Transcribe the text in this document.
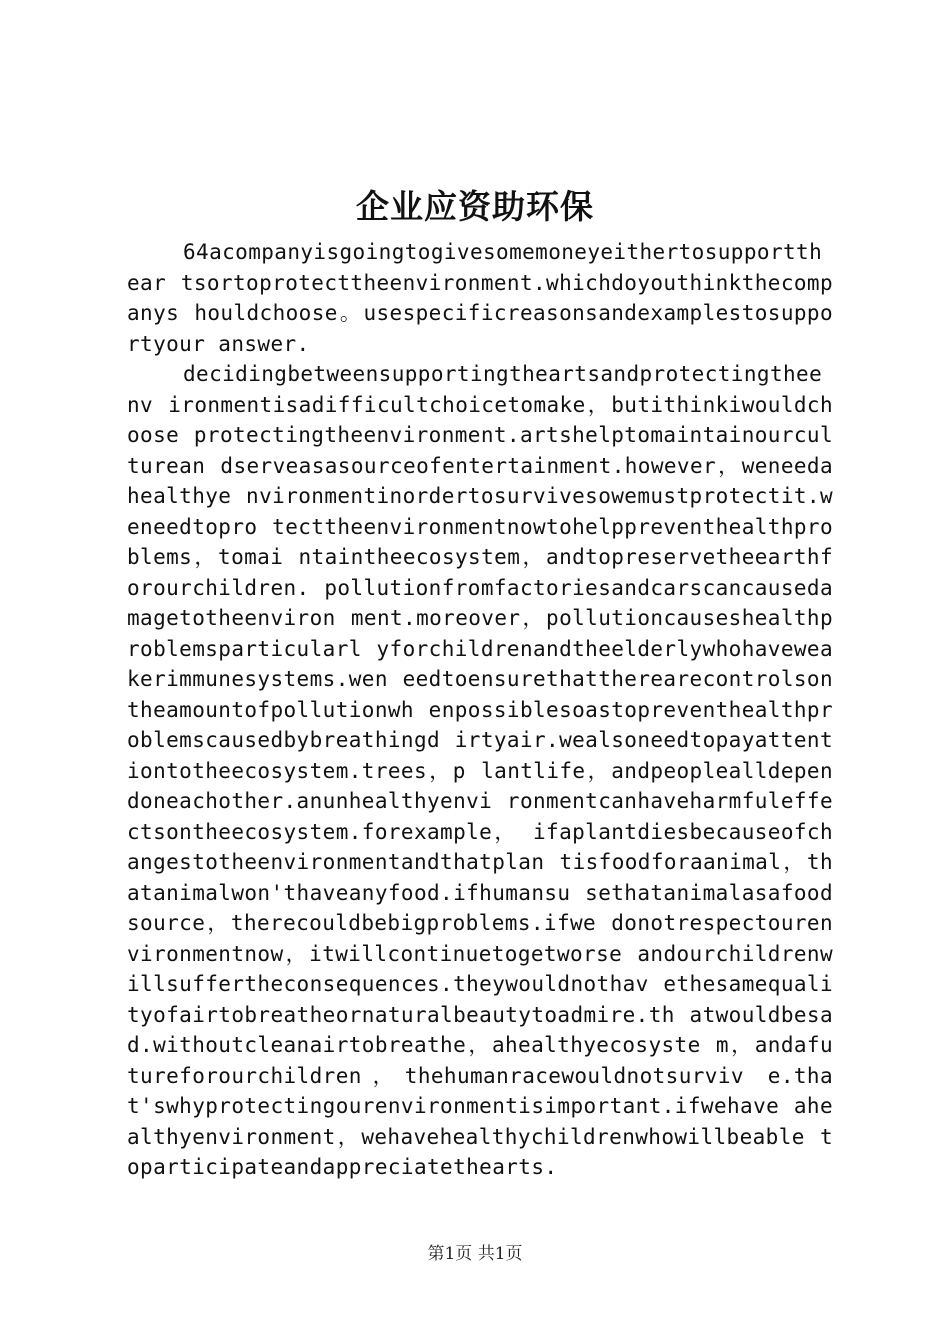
企业应资助环保

64acompanyisgoingtogivesomemoneyeithertosupportthear tsortoprotecttheenvironment.whichdoyouthinkthecompanys houldchoose。usespecificreasonsandexamplestosupportyour answer.

decidingbetweensupportingtheartsandprotectingtheenv ironmentisadifficultchoicetomake，butithinkiwouldchoose protectingtheenvironment.artshelptomaintainourculturean dserveasasourceofentertainment.however，weneedahealthye nvironmentinordertosurvivesowemustprotectit.weneedtopro tecttheenvironmentnowtohelppreventhealthproblems，tomai ntaintheecosystem，andtopreservetheearthforourchildren. pollutionfromfactoriesandcarscancausedamagetotheenviron ment.moreover，pollutioncauseshealthproblemsparticularl yforchildrenandtheelderlywhohaveweakerimmunesystems.wen eedtoensurethattherearecontrolsontheamountofpollutionwh enpossiblesoastopreventhealthproblemscausedbybreathingd irtyair.wealsoneedtopayattentiontotheecosystem.trees，p lantlife，andpeoplealldependoneachother.anunhealthyenvi ronmentcanhaveharmfuleffectsontheecosystem.forexample， ifaplantdiesbecauseofchangestotheenvironmentandthatplan tisfoodforaanimal，thatanimalwon'thaveanyfood.ifhumansu sethatanimalasafoodsource，therecouldbebigproblems.ifwe donotrespectourenvironmentnow，itwillcontinuetogetworse andourchildrenwillsuffertheconsequences.theywouldnothav ethesamequalityofairtobreatheornaturalbeautytoadmire.th atwouldbesad.withoutcleanairtobreathe，ahealthyecosyste m，andafutureforourchildren，thehumanracewouldnotsurviv e.that'swhyprotectingourenvironmentisimportant.ifwehave ahealthyenvironment，wehavehealthychildrenwhowillbeable toparticipateandappreciatethearts.

第1页 共1页
